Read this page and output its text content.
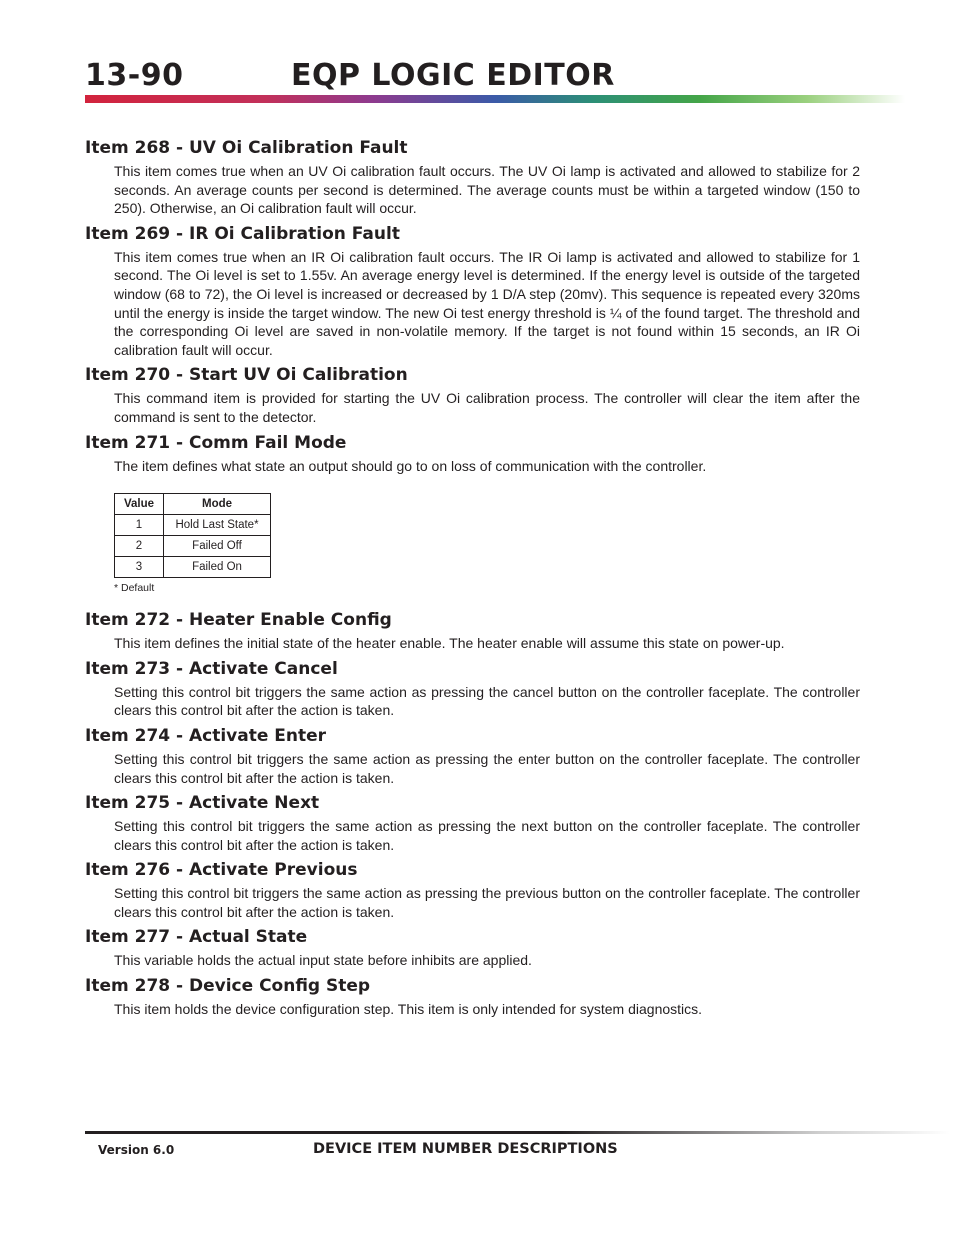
13-90	EQP LOGIC EDITOR
Item 268 - UV Oi Calibration Fault

This item comes true when an UV Oi calibration fault occurs. The UV Oi lamp is activated and allowed to stabilize for 2 seconds. An average counts per second is determined. The average counts must be within a targeted window (150 to 250). Otherwise, an Oi calibration fault will occur.

Item 269 - IR Oi Calibration Fault

This item comes true when an IR Oi calibration fault occurs. The IR Oi lamp is activated and allowed to stabilize for 1 second. The Oi level is set to 1.55v. An average energy level is determined. If the energy level is outside of the targeted window (68 to 72), the Oi level is increased or decreased by 1 D/A step (20mv). This sequence is repeated every 320ms until the energy is inside the target window. The new Oi test energy threshold is ¼ of the found target. The threshold and the corresponding Oi level are saved in non-volatile memory. If the target is not found within 15 seconds, an IR Oi calibration fault will occur.

Item 270 - Start UV Oi Calibration

This command item is provided for starting the UV Oi calibration process. The controller will clear the item after the command is sent to the detector.

Item 271 - Comm Fail Mode

The item defines what state an output should go to on loss of communication with the controller.

Value	Mode
1	Hold Last State*
2	Failed Off
3	Failed On
* Default
Item 272 - Heater Enable Config

This item defines the initial state of the heater enable. The heater enable will assume this state on power-up.

Item 273 - Activate Cancel

Setting this control bit triggers the same action as pressing the cancel button on the controller faceplate. The controller clears this control bit after the action is taken.

Item 274 - Activate Enter

Setting this control bit triggers the same action as pressing the enter button on the controller faceplate. The controller clears this control bit after the action is taken.

Item 275 - Activate Next

Setting this control bit triggers the same action as pressing the next button on the controller faceplate. The controller clears this control bit after the action is taken.

Item 276 - Activate Previous

Setting this control bit triggers the same action as pressing the previous button on the controller faceplate. The controller clears this control bit after the action is taken.

Item 277 - Actual State

This variable holds the actual input state before inhibits are applied.

Item 278 - Device Config Step

This item holds the device configuration step. This item is only intended for system diagnostics.

Version 6.0	DEVICE ITEM NUMBER DESCRIPTIONS
